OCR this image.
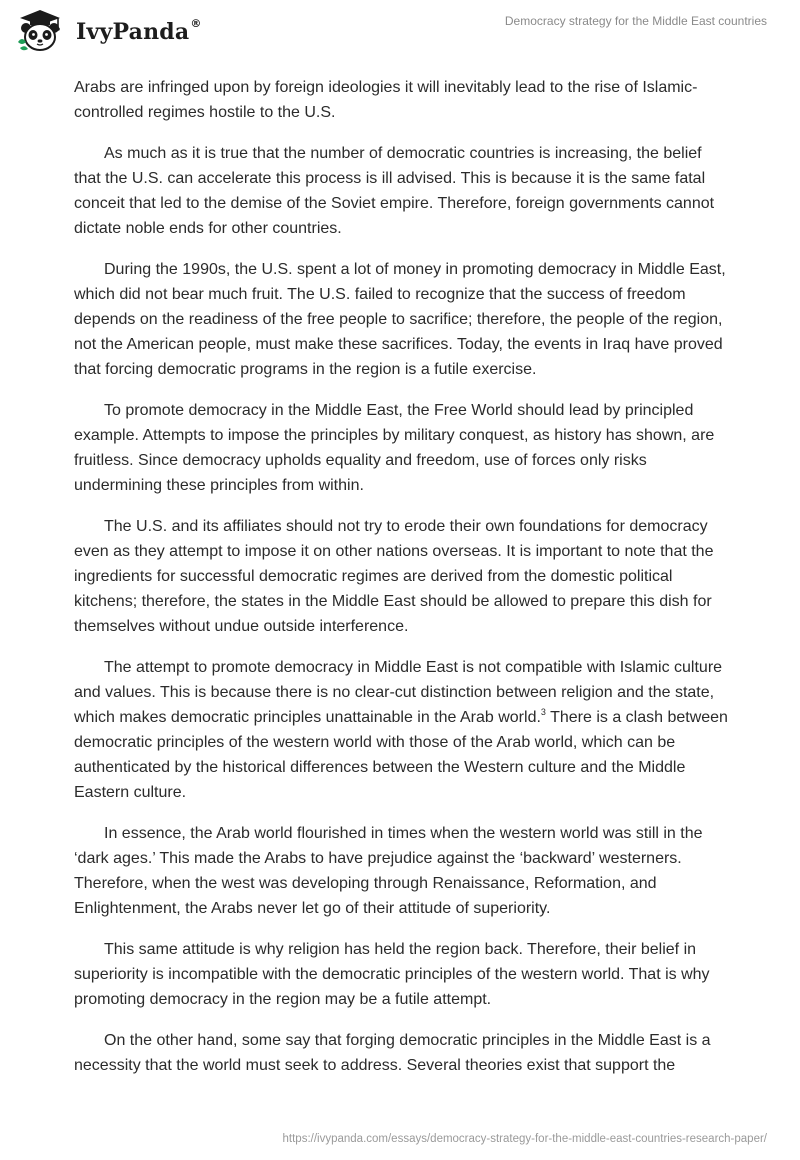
IvyPanda®	Democracy strategy for the Middle East countries

Arabs are infringed upon by foreign ideologies it will inevitably lead to the rise of Islamic-controlled regimes hostile to the U.S.

As much as it is true that the number of democratic countries is increasing, the belief that the U.S. can accelerate this process is ill advised. This is because it is the same fatal conceit that led to the demise of the Soviet empire. Therefore, foreign governments cannot dictate noble ends for other countries.

During the 1990s, the U.S. spent a lot of money in promoting democracy in Middle East, which did not bear much fruit. The U.S. failed to recognize that the success of freedom depends on the readiness of the free people to sacrifice; therefore, the people of the region, not the American people, must make these sacrifices. Today, the events in Iraq have proved that forcing democratic programs in the region is a futile exercise.

To promote democracy in the Middle East, the Free World should lead by principled example. Attempts to impose the principles by military conquest, as history has shown, are fruitless. Since democracy upholds equality and freedom, use of forces only risks undermining these principles from within.

The U.S. and its affiliates should not try to erode their own foundations for democracy even as they attempt to impose it on other nations overseas. It is important to note that the ingredients for successful democratic regimes are derived from the domestic political kitchens; therefore, the states in the Middle East should be allowed to prepare this dish for themselves without undue outside interference.

The attempt to promote democracy in Middle East is not compatible with Islamic culture and values. This is because there is no clear-cut distinction between religion and the state, which makes democratic principles unattainable in the Arab world.$^3$ There is a clash between democratic principles of the western world with those of the Arab world, which can be authenticated by the historical differences between the Western culture and the Middle Eastern culture.

In essence, the Arab world flourished in times when the western world was still in the ‘dark ages.’ This made the Arabs to have prejudice against the ‘backward’ westerners. Therefore, when the west was developing through Renaissance, Reformation, and Enlightenment, the Arabs never let go of their attitude of superiority.

This same attitude is why religion has held the region back. Therefore, their belief in superiority is incompatible with the democratic principles of the western world. That is why promoting democracy in the region may be a futile attempt.

On the other hand, some say that forging democratic principles in the Middle East is a necessity that the world must seek to address. Several theories exist that support the

https://ivypanda.com/essays/democracy-strategy-for-the-middle-east-countries-research-paper/
